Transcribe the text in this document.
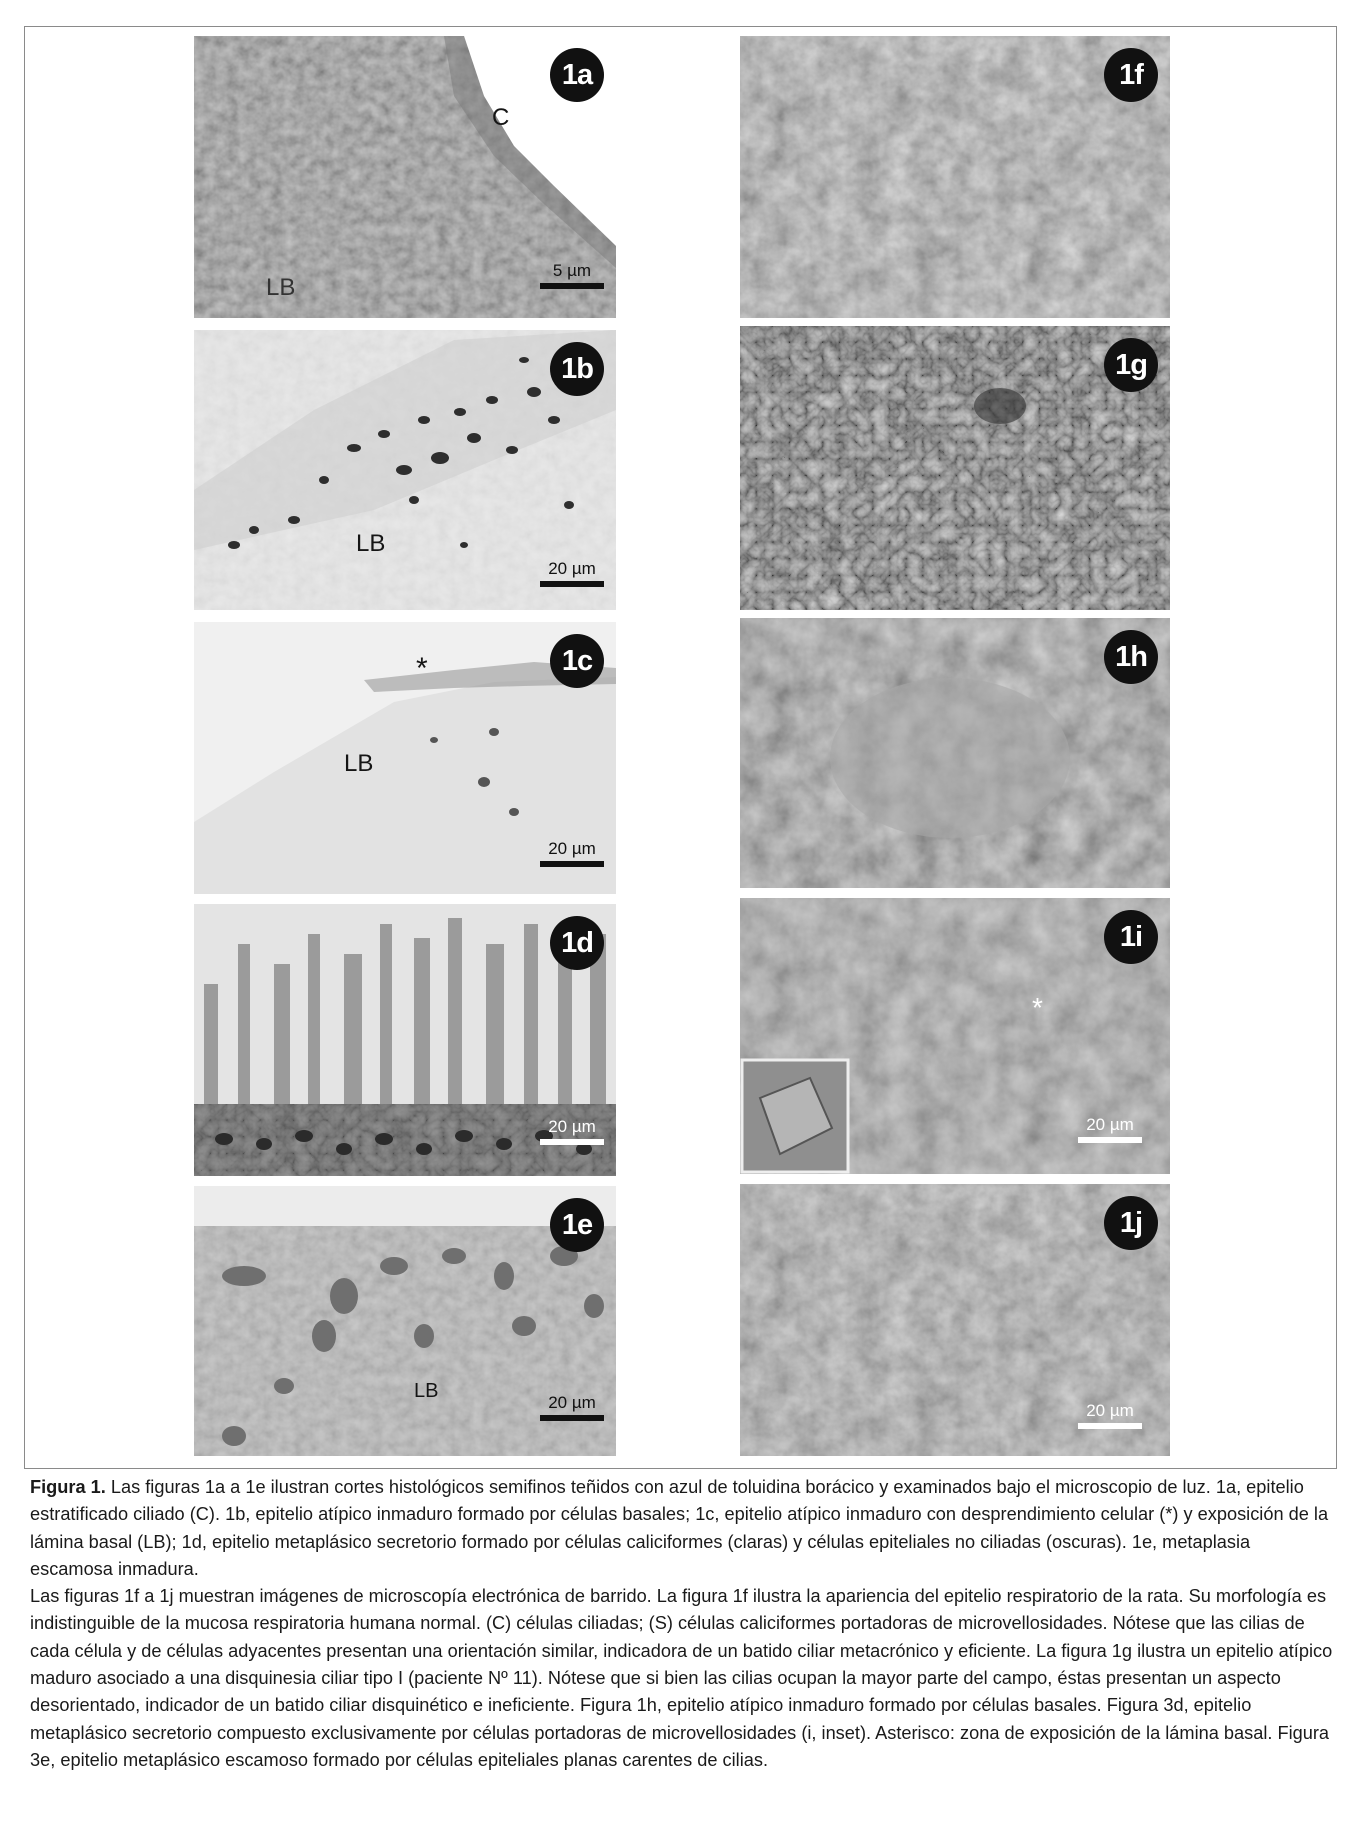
1a
C
LB
5 µm
1b
LB
20 µm
1c
*
LB
20 µm
1d
20 µm
1e
LB
20 µm
1f
1g
1h
1i
*
20 µm
1j
20 µm

Figura 1. Las figuras 1a a 1e ilustran cortes histológicos semifinos teñidos con azul de toluidina borácico y examinados bajo el microscopio de luz. 1a, epitelio estratificado ciliado (C). 1b, epitelio atípico inmaduro formado por células basales; 1c, epitelio atípico inmaduro con desprendimiento celular (*) y exposición de la lámina basal (LB); 1d, epitelio metaplásico secretorio formado por células caliciformes (claras) y células epiteliales no ciliadas (oscuras). 1e, metaplasia escamosa inmadura.

Las figuras 1f a 1j muestran imágenes de microscopía electrónica de barrido. La figura 1f ilustra la apariencia del epitelio respiratorio de la rata. Su morfología es indistinguible de la mucosa respiratoria humana normal. (C) células ciliadas; (S) células caliciformes portadoras de microvellosidades. Nótese que las cilias de cada célula y de células adyacentes presentan una orientación similar, indicadora de un batido ciliar metacrónico y eficiente. La figura 1g ilustra un epitelio atípico maduro asociado a una disquinesia ciliar tipo I (paciente Nº 11). Nótese que si bien las cilias ocupan la mayor parte del campo, éstas presentan un aspecto desorientado, indicador de un batido ciliar disquinético e ineficiente. Figura 1h, epitelio atípico inmaduro formado por células basales. Figura 3d, epitelio metaplásico secretorio compuesto exclusivamente por células portadoras de microvellosidades (i, inset). Asterisco: zona de exposición de la lámina basal. Figura 3e, epitelio metaplásico escamoso formado por células epiteliales planas carentes de cilias.
